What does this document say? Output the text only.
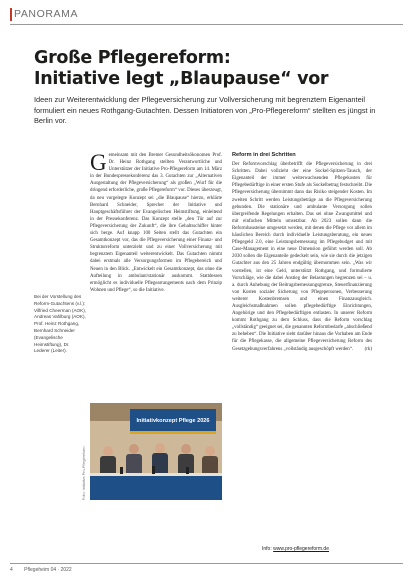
PANORAMA
Große Pflegereform:
Initiative legt „Blaupause“ vor
Ideen zur Weiterentwicklung der Pflegeversicherung zur Vollversicherung mit begrenztem Eigenanteil formuliert ein neues Rothgang-Gutachten. Dessen Initiatoren von „Pro-Pflegereform“ stellten es jüngst in Berlin vor.
G emeinsam mit den Bremer Gesundheitsökonomen Prof. Dr. Heinz Rothgang stellten Verantwortliche und Unterstützer der Initiative Pro-Pflegereform am 14. März in der Bundespressekonferenz das 3. Gutachten zur „Alternativen Ausgestaltung der Pflegeversicherung“ als großen „Wurf für die dringend erforderliche, große Pflegereform“ vor. Dieses überzeugt, da neu vorgelegte Konzept sei „die Blaupause“ hierzu, erklärte Bernhard Schneider, Sprecher der Initiative und Hauptgeschäftsführer der Evangelischen Heimstiftung, einleitend in der Pressekonferenz. Das Konzept stelle „den Tür auf zur Pflegeversicherung der Zukunft“, die ihre Gehaltsschiffer hinter sich berge. Auf knapp 100 Seiten stellt das Gutachten ein Gesamtkonzept vor, das die Pflegeversicherung einer Finanz- und Strukturreform unterzieht und zu einer Vollversicherung mit begrenztem Eigenanteil weiterentwickelt. Das Gutachten nimmt dabei erstmals alle Versorgungsformen im Pflegebereich und Neuen in den Blick. „Entwickelt ein Gesamtkonzept, das ohne die Aufteilung in ambulant/stationär auskommt. Stattdessen ermöglicht es individuelle Pflegearrangements nach dem Prinzip Wohnen und Pflege“, so die Initiative.
Bei der Vorstellung des Reform-Gutachtens (v.l.): Vilfried Cheerman (AOK), Andreas Vahlburg (AOK), Prof. Heinz Rothgang, Bernhard Schneider (Evangelische Heimstiftung), Dr. Lederer (Leiter).
Reform in drei Schritten
Der Reformvorschlag überbetrifft die Pflegeversicherung in drei Schritten. Dabei vollzieht der eine Sockel-Spitzen-Tausch, der Eigenanteil der immer weiterwachsenden Pflegekosten für Pflegebedürftige in einer ersten Stufe als Sockelbetrag festschreibt. Die Pflegeversicherung übernimmt dann das Risiko steigender Kosten. Im zweiten Schritt werden Leistungsbeträge an die Pflegeversicherung gebunden. Die stationäre und ambulante Versorgung sollen übergreifende Regelungen erhalten. Das sei ohne Zwangsmittel und mit einfachen Mitteln umsetzbar. Ab 2023 sollen dann die Reformbausteine umgesetzt werden, mit denen die Pflege vor allem im häuslichen Bereich durch individuelle Leistungsberatung, ein neues Pflegegeld 2.0, eine Leistungsbemessung im Pflegebudget und mit Case-Management in eine neue Dimension geführt werden soll. Ab 2030 sollen die Eigenanteile gedeckelt sein, wie sie durch die jetzigen Gutachter aus den 25 Jahren endgültig übernommen sein. „Was wir vorstellen, ist eine Geld, unterstützt Rothgang, und formulierte Vorschläge, wie die dabei Anstieg der Belastungen begrenzen sei – u. a. durch Anhebung der Beitragsbemessungsgrenze, Steuerfinanzierung von Kosten sozialer Sicherung von Pflegepersonen, Verbesserung weiterer Kostenbremsen und einen Finanzausgleich. Ausgleichsmaßnahmen sollen pflegebedürftige Einrichtungen, Angehörige und den Pflegebedürftigen entlasten. In unserer Reform kommt Rothgang zu dem Schluss, dass die Reform vorschlag „vollständig“ geeignet sei, die genannten Reformbedarfe „abschließend zu beheben“. Die Initiative sieht darüber hinaus die Vorhaben am Ende für die Pflegekasse, die allgemeine Pflegeversicherung Reform des Gesetzgebungsverfahrens „vollständig ausgeschöpft werden“. (rk)
Foto: Initiative Pro-Pflegereform
Initiativkonzept Pflege 2026
Info: www.pro-pflegereform.de
4 Pflegeheim 04 · 2022
